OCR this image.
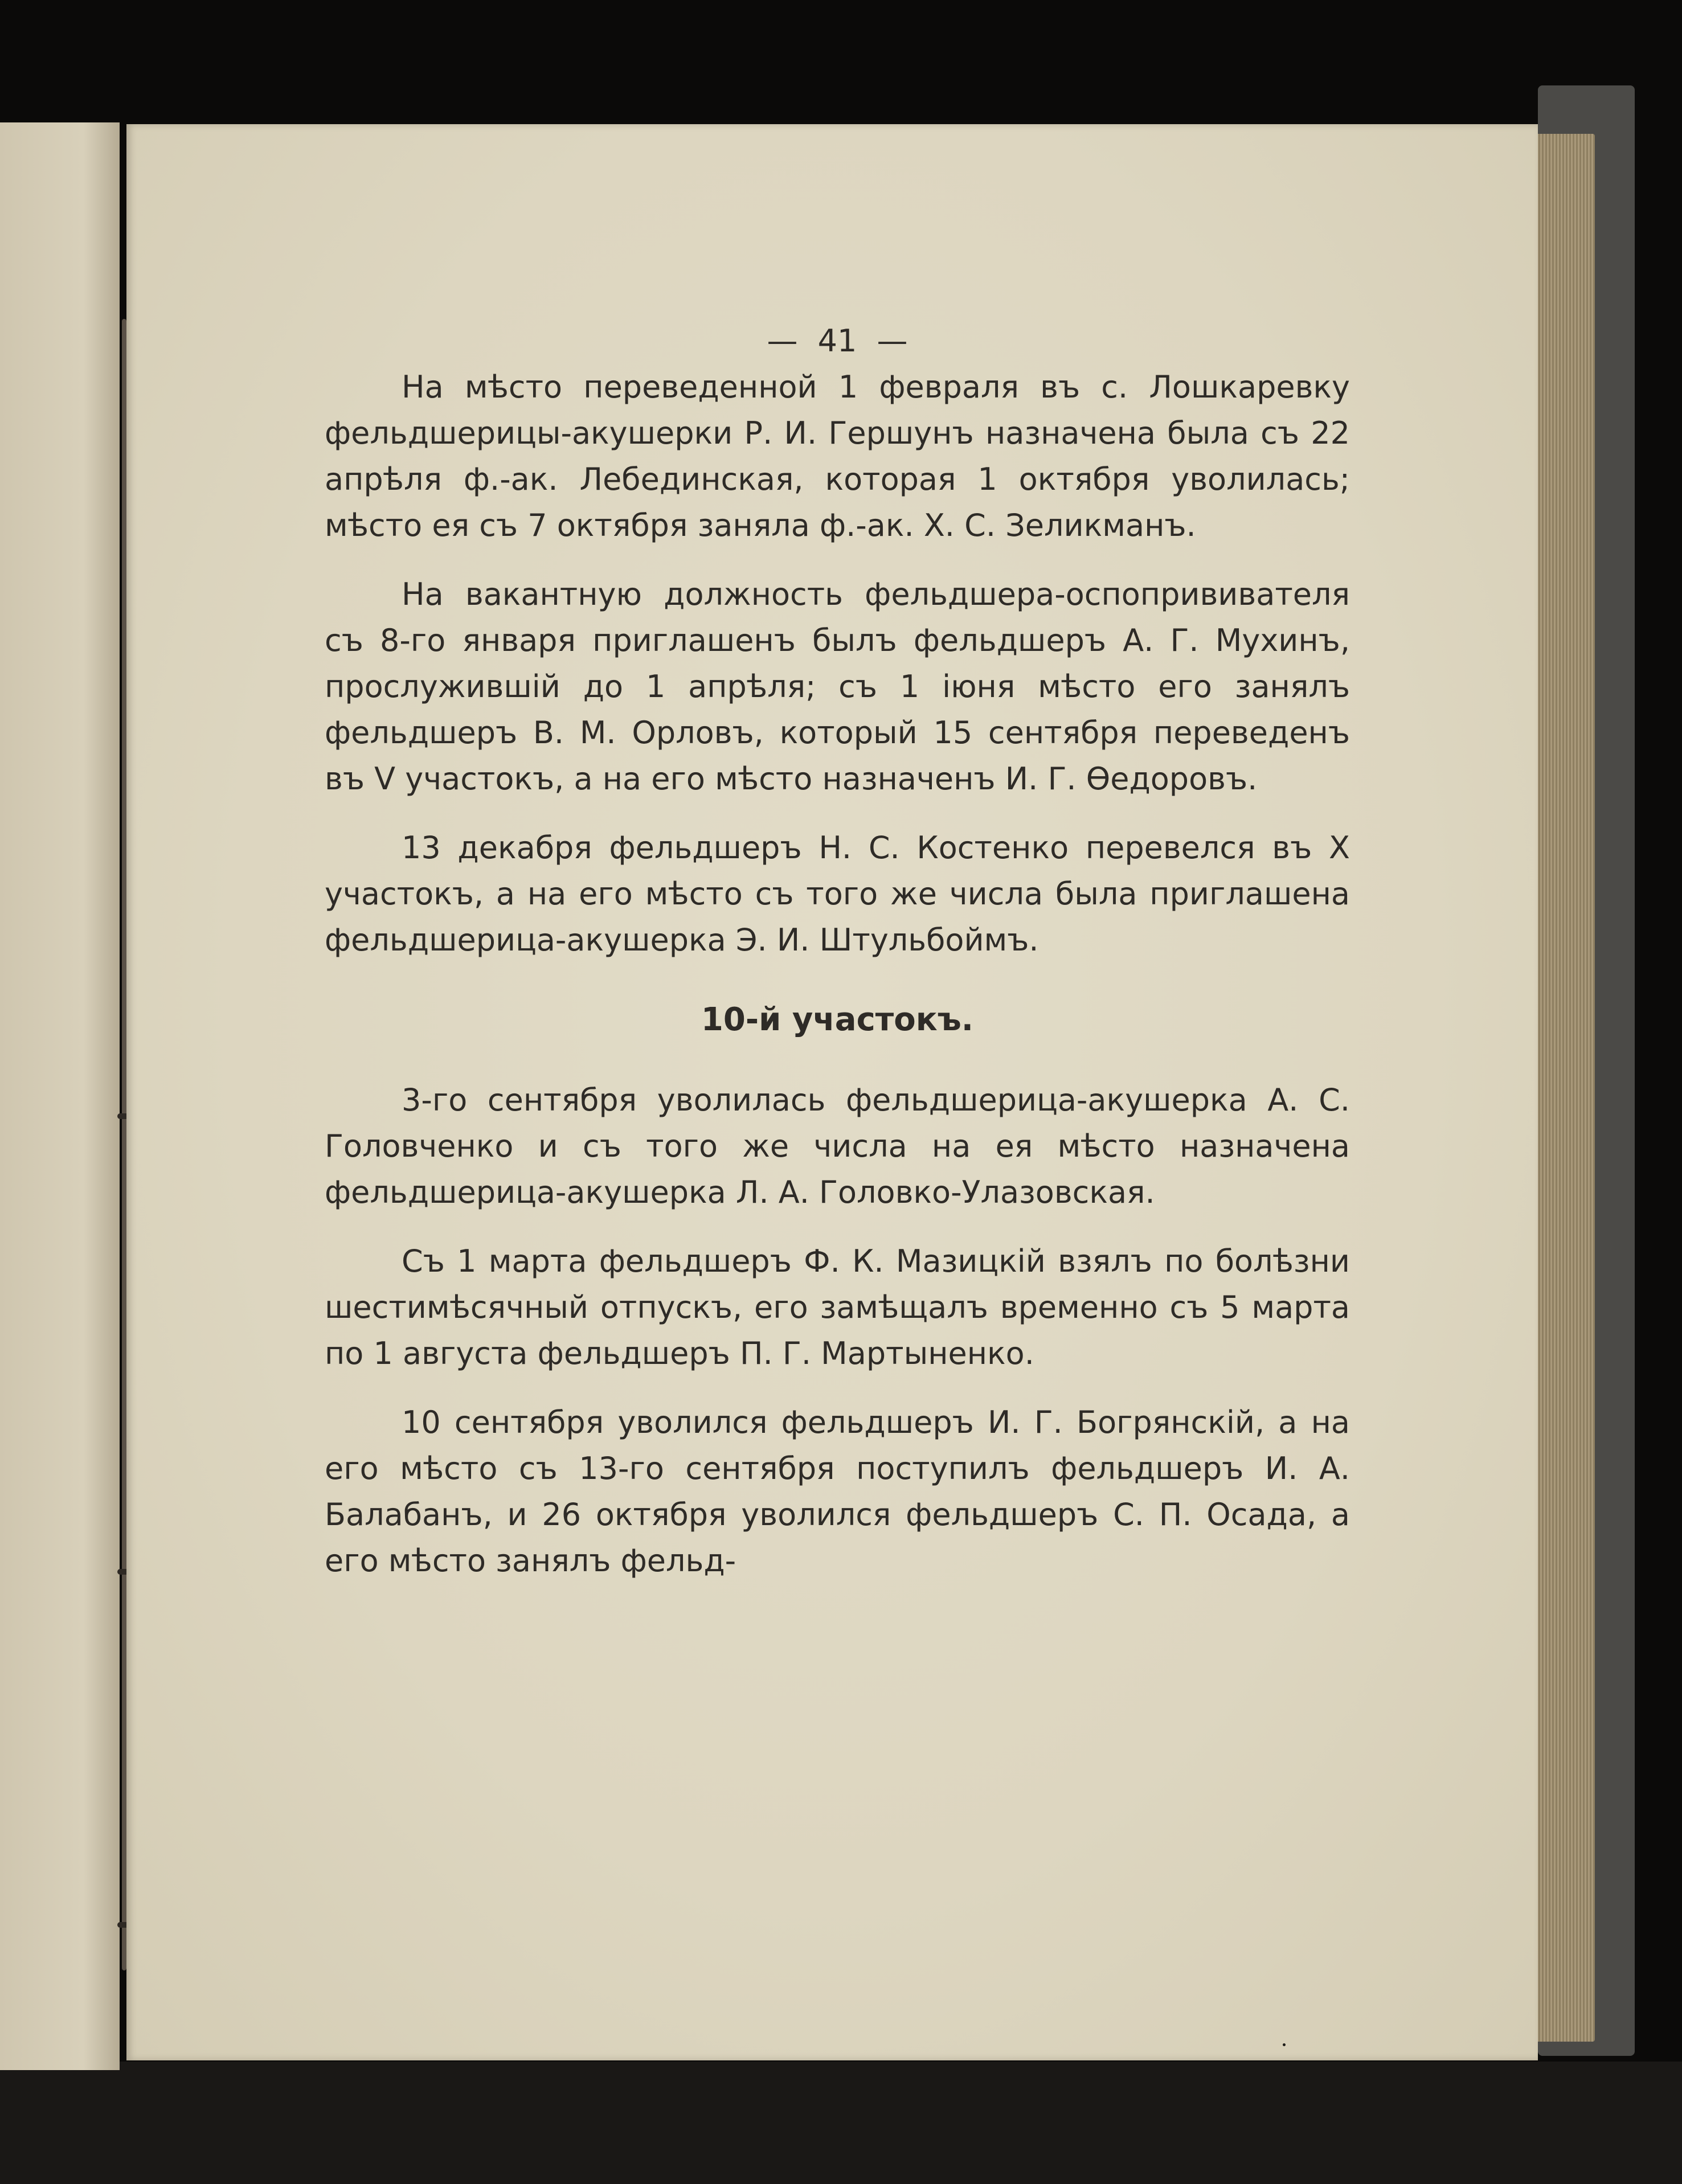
— 41 —

На мѣсто переведенной 1 февраля въ с. Лошкаревку фельдшерицы-акушерки Р. И. Гершунъ назначена была съ 22 апрѣля ф.-ак. Лебединская, которая 1 октября уволилась; мѣсто ея съ 7 октября заняла ф.-ак. Х. С. Зеликманъ.

На вакантную должность фельдшера-оспопрививателя съ 8-го января приглашенъ былъ фельдшеръ А. Г. Мухинъ, прослужившій до 1 апрѣля; съ 1 іюня мѣсто его занялъ фельдшеръ В. М. Орловъ, который 15 сентября переведенъ въ V участокъ, а на его мѣсто назначенъ И. Г. Ѳедоровъ.

13 декабря фельдшеръ Н. С. Костенко перевелся въ X участокъ, а на его мѣсто съ того же числа была приглашена фельдшерица-акушерка Э. И. Штульбоймъ.

10-й участокъ.

3-го сентября уволилась фельдшерица-акушерка А. С. Головченко и съ того же числа на ея мѣсто назначена фельдшерица-акушерка Л. А. Головко-Улазовская.

Съ 1 марта фельдшеръ Ф. К. Мазицкій взялъ по болѣзни шестимѣсячный отпускъ, его замѣщалъ временно съ 5 марта по 1 августа фельдшеръ П. Г. Мартыненко.

10 сентября уволился фельдшеръ И. Г. Богрянскій, а на его мѣсто съ 13-го сентября поступилъ фельдшеръ И. А. Балабанъ, и 26 октября уволился фельдшеръ С. П. Осада, а его мѣсто занялъ фельд-
